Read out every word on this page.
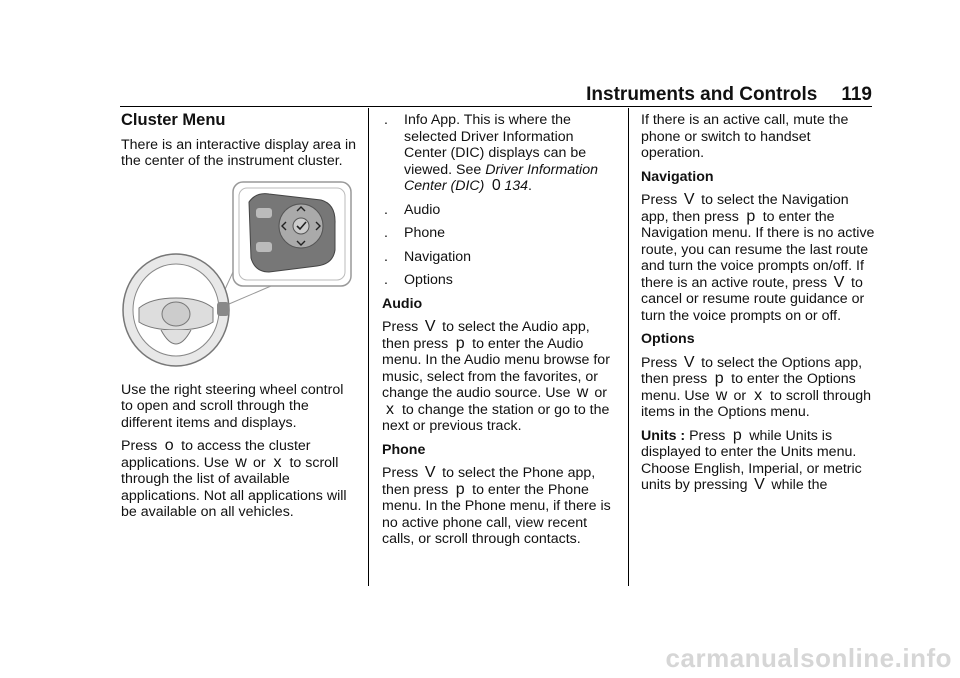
Instruments and Controls 119
Cluster Menu

There is an interactive display area in the center of the instrument cluster.

Use the right steering wheel control to open and scroll through the different items and displays.

Press o to access the cluster applications. Use w or x to scroll through the list of available applications. Not all applications will be available on all vehicles.

. Info App. This is where the selected Driver Information Center (DIC) displays can be viewed. See Driver Information Center (DIC) 0 134.
. Audio
. Phone
. Navigation
. Options

Audio

Press V to select the Audio app, then press p to enter the Audio menu. In the Audio menu browse for music, select from the favorites, or change the audio source. Use w or x to change the station or go to the next or previous track.

Phone

Press V to select the Phone app, then press p to enter the Phone menu. In the Phone menu, if there is no active phone call, view recent calls, or scroll through contacts.

If there is an active call, mute the phone or switch to handset operation.

Navigation

Press V to select the Navigation app, then press p to enter the Navigation menu. If there is no active route, you can resume the last route and turn the voice prompts on/off. If there is an active route, press V to cancel or resume route guidance or turn the voice prompts on or off.

Options

Press V to select the Options app, then press p to enter the Options menu. Use w or x to scroll through items in the Options menu.

Units : Press p while Units is displayed to enter the Units menu. Choose English, Imperial, or metric units by pressing V while the

carmanualsonline.info
